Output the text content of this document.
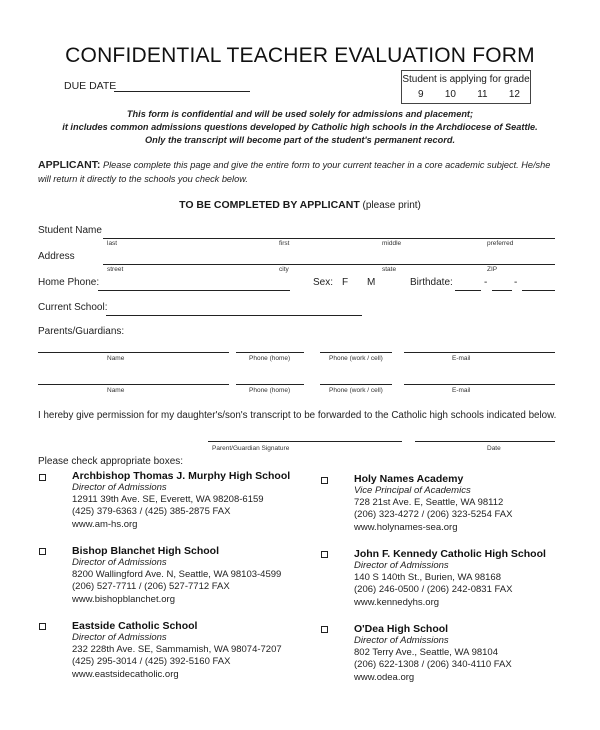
CONFIDENTIAL TEACHER EVALUATION FORM
DUE DATE
Student is applying for grade
9 10 11 12
This form is confidential and will be used solely for admissions and placement;
it includes common admissions questions developed by Catholic high schools in the Archdiocese of Seattle.
Only the transcript will become part of the student's permanent record.
APPLICANT: Please complete this page and give the entire form to your current teacher in a core academic subject. He/she
will return it directly to the schools you check below.
TO BE COMPLETED BY APPLICANT (please print)
Student Name
last	first	middle	preferred
Address
street	city	state	ZIP
Home Phone:	Sex: F M	Birthdate:	-	-
Current School:
Parents/Guardians:
Name	Phone (home)	Phone (work / cell)	E-mail
Name	Phone (home)	Phone (work / cell)	E-mail
I hereby give permission for my daughter's/son's transcript to be forwarded to the Catholic high schools indicated below.
Parent/Guardian Signature	Date
Please check appropriate boxes:
Archbishop Thomas J. Murphy High School
Director of Admissions
12911 39th Ave. SE, Everett, WA 98208-6159
(425) 379-6363 / (425) 385-2875 FAX
www.am-hs.org
Bishop Blanchet High School
Director of Admissions
8200 Wallingford Ave. N, Seattle, WA 98103-4599
(206) 527-7711 / (206) 527-7712 FAX
www.bishopblanchet.org
Eastside Catholic School
Director of Admissions
232 228th Ave. SE, Sammamish, WA 98074-7207
(425) 295-3014 / (425) 392-5160 FAX
www.eastsidecatholic.org
Holy Names Academy
Vice Principal of Academics
728 21st Ave. E, Seattle, WA 98112
(206) 323-4272 / (206) 323-5254 FAX
www.holynames-sea.org
John F. Kennedy Catholic High School
Director of Admissions
140 S 140th St., Burien, WA 98168
(206) 246-0500 / (206) 242-0831 FAX
www.kennedyhs.org
O'Dea High School
Director of Admissions
802 Terry Ave., Seattle, WA 98104
(206) 622-1308 / (206) 340-4110 FAX
www.odea.org
